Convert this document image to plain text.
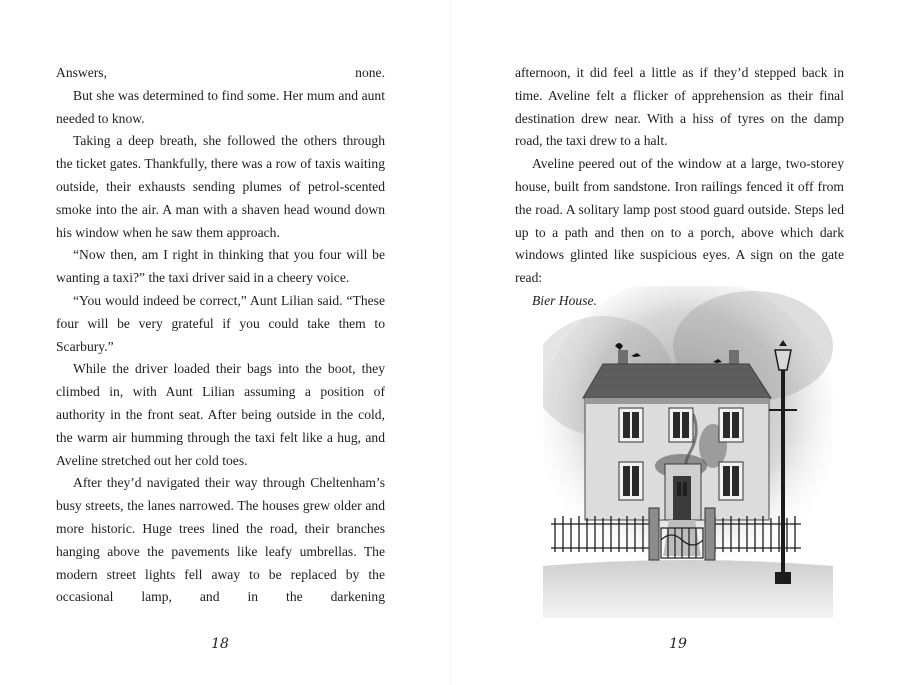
Answers, none.

But she was determined to find some. Her mum and aunt needed to know.

Taking a deep breath, she followed the others through the ticket gates. Thankfully, there was a row of taxis waiting outside, their exhausts sending plumes of petrol-scented smoke into the air. A man with a shaven head wound down his window when he saw them approach.

“Now then, am I right in thinking that you four will be wanting a taxi?” the taxi driver said in a cheery voice.

“You would indeed be correct,” Aunt Lilian said. “These four will be very grateful if you could take them to Scarbury.”

While the driver loaded their bags into the boot, they climbed in, with Aunt Lilian assuming a position of authority in the front seat. After being outside in the cold, the warm air humming through the taxi felt like a hug, and Aveline stretched out her cold toes.

After they’d navigated their way through Cheltenham’s busy streets, the lanes narrowed. The houses grew older and more historic. Huge trees lined the road, their branches hanging above the pavements like leafy umbrellas. The modern street lights fell away to be replaced by the occasional lamp, and in the darkening

18

afternoon, it did feel a little as if they’d stepped back in time. Aveline felt a flicker of apprehension as their final destination drew near. With a hiss of tyres on the damp road, the taxi drew to a halt.

Aveline peered out of the window at a large, two-storey house, built from sandstone. Iron railings fenced it off from the road. A solitary lamp post stood guard outside. Steps led up to a path and then on to a porch, above which dark windows glinted like suspicious eyes. A sign on the gate read:

Bier House.

19
